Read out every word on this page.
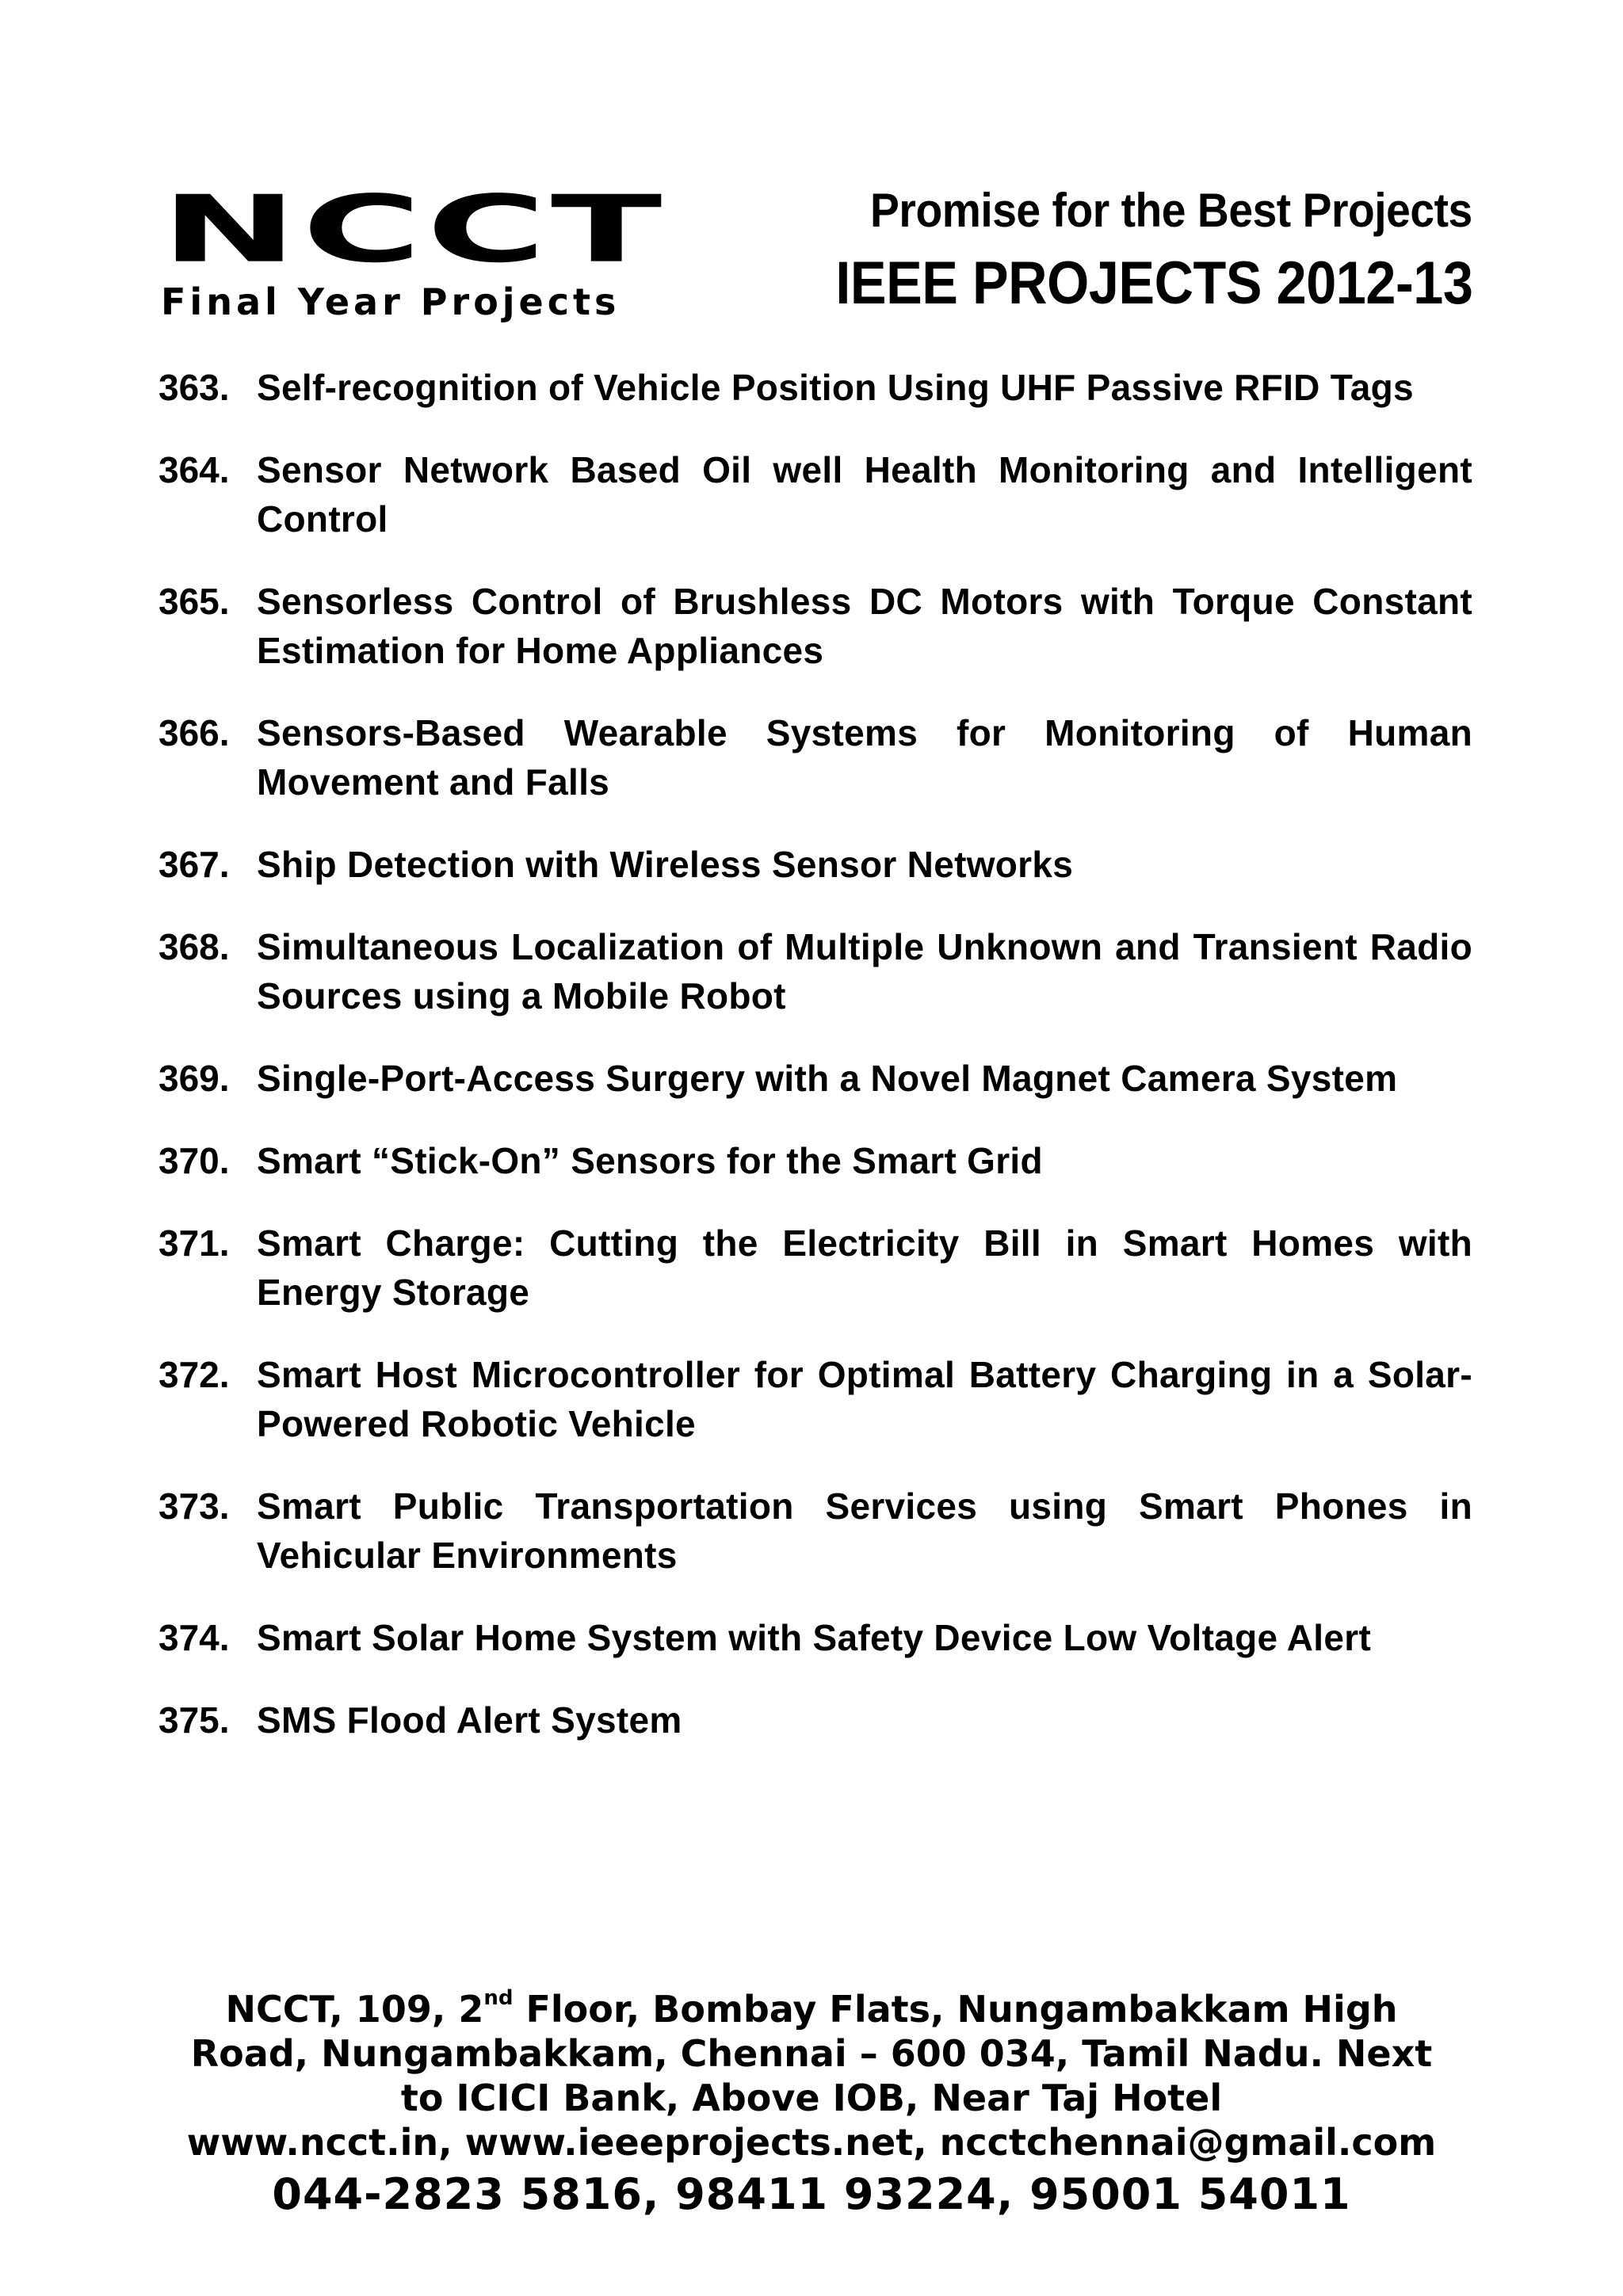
NCCT
Final Year Projects
Promise for the Best Projects
IEEE PROJECTS 2012-13
363. Self-recognition of Vehicle Position Using UHF Passive RFID Tags
364. Sensor Network Based Oil well Health Monitoring and Intelligent Control
365. Sensorless Control of Brushless DC Motors with Torque Constant Estimation for Home Appliances
366. Sensors-Based Wearable Systems for Monitoring of Human Movement and Falls
367. Ship Detection with Wireless Sensor Networks
368. Simultaneous Localization of Multiple Unknown and Transient Radio Sources using a Mobile Robot
369. Single-Port-Access Surgery with a Novel Magnet Camera System
370. Smart “Stick-On” Sensors for the Smart Grid
371. Smart Charge: Cutting the Electricity Bill in Smart Homes with Energy Storage
372. Smart Host Microcontroller for Optimal Battery Charging in a Solar-Powered Robotic Vehicle
373. Smart Public Transportation Services using Smart Phones in Vehicular Environments
374. Smart Solar Home System with Safety Device Low Voltage Alert
375. SMS Flood Alert System
NCCT, 109, 2nd Floor, Bombay Flats, Nungambakkam High
Road, Nungambakkam, Chennai – 600 034, Tamil Nadu. Next
to ICICI Bank, Above IOB, Near Taj Hotel
www.ncct.in, www.ieeeprojects.net, ncctchennai@gmail.com
044-2823 5816, 98411 93224, 95001 54011
